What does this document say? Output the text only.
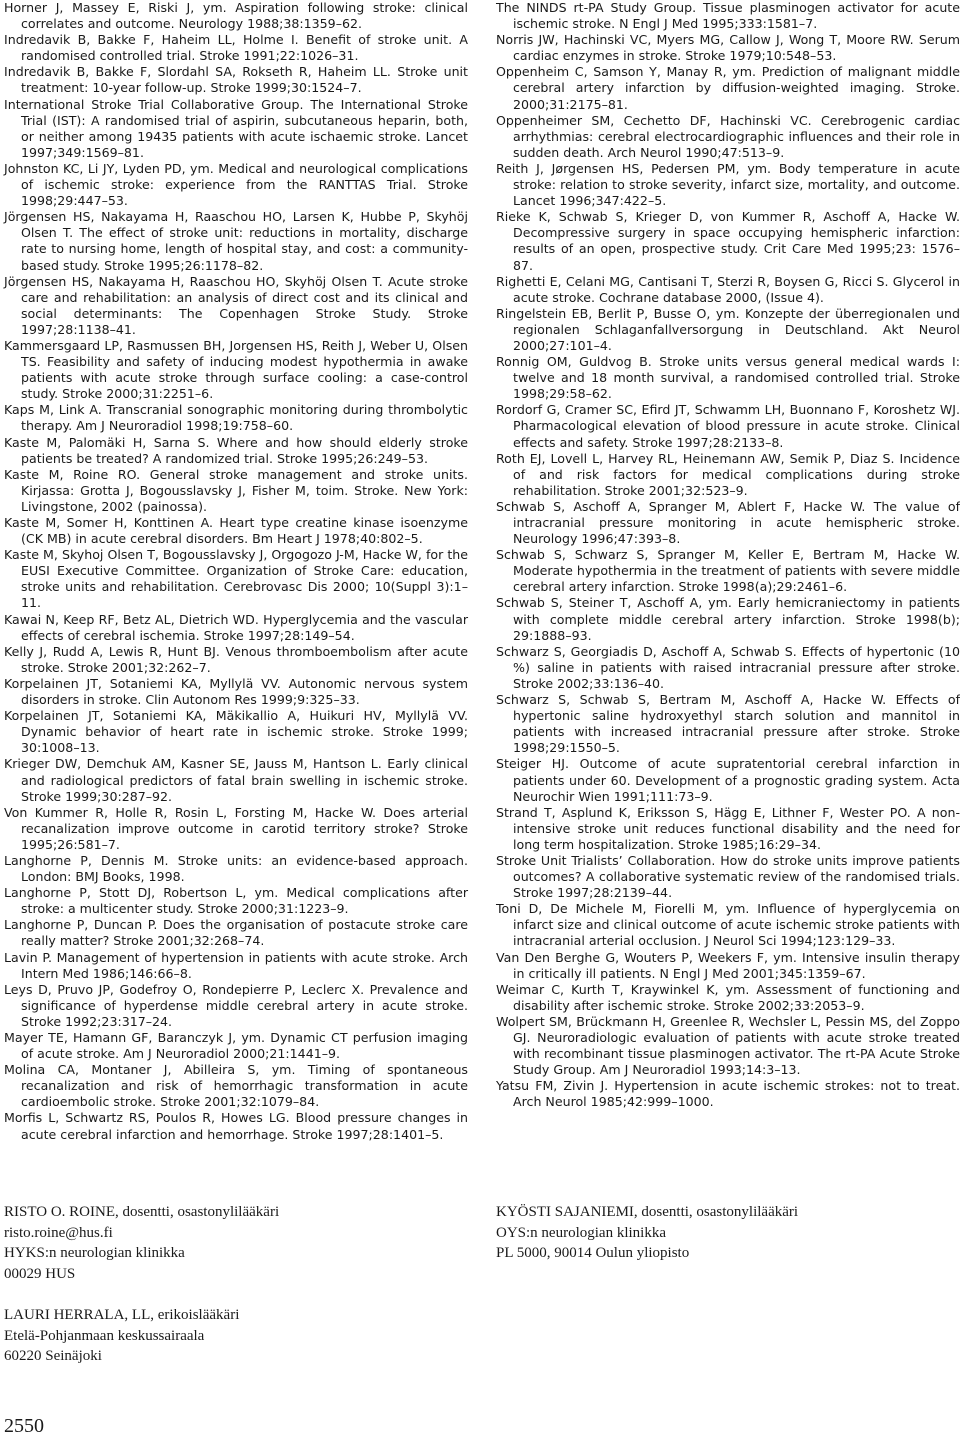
Horner J, Massey E, Riski J, ym. Aspiration following stroke: clinical correlates and outcome. Neurology 1988;38:1359–62.

Indredavik B, Bakke F, Haheim LL, Holme I. Benefit of stroke unit. A randomised controlled trial. Stroke 1991;22:1026–31.

Indredavik B, Bakke F, Slordahl SA, Rokseth R, Haheim LL. Stroke unit treatment: 10-year follow-up. Stroke 1999;30:1524–7.

International Stroke Trial Collaborative Group. The International Stroke Trial (IST): A randomised trial of aspirin, subcutaneous heparin, both, or neither among 19435 patients with acute ischaemic stroke. Lancet 1997;349:1569–81.

Johnston KC, Li JY, Lyden PD, ym. Medical and neurological complications of ischemic stroke: experience from the RANTTAS Trial. Stroke 1998;29:447–53.

Jörgensen HS, Nakayama H, Raaschou HO, Larsen K, Hubbe P, Skyhöj Olsen T. The effect of stroke unit: reductions in mortality, discharge rate to nursing home, length of hospital stay, and cost: a community-based study. Stroke 1995;26:1178–82.

Jörgensen HS, Nakayama H, Raaschou HO, Skyhöj Olsen T. Acute stroke care and rehabilitation: an analysis of direct cost and its clinical and social determinants: The Copenhagen Stroke Study. Stroke 1997;28:1138–41.

Kammersgaard LP, Rasmussen BH, Jorgensen HS, Reith J, Weber U, Olsen TS. Feasibility and safety of inducing modest hypothermia in awake patients with acute stroke through surface cooling: a case-control study. Stroke 2000;31:2251–6.

Kaps M, Link A. Transcranial sonographic monitoring during thrombolytic therapy. Am J Neuroradiol 1998;19:758–60.

Kaste M, Palomäki H, Sarna S. Where and how should elderly stroke patients be treated? A randomized trial. Stroke 1995;26:249–53.

Kaste M, Roine RO. General stroke management and stroke units. Kirjassa: Grotta J, Bogousslavsky J, Fisher M, toim. Stroke. New York: Livingstone, 2002 (painossa).

Kaste M, Somer H, Konttinen A. Heart type creatine kinase isoenzyme (CK MB) in acute cerebral disorders. Bm Heart J 1978;40:802–5.

Kaste M, Skyhoj Olsen T, Bogousslavsky J, Orgogozo J-M, Hacke W, for the EUSI Executive Committee. Organization of Stroke Care: education, stroke units and rehabilitation. Cerebrovasc Dis 2000; 10(Suppl 3):1–11.

Kawai N, Keep RF, Betz AL, Dietrich WD. Hyperglycemia and the vascular effects of cerebral ischemia. Stroke 1997;28:149–54.

Kelly J, Rudd A, Lewis R, Hunt BJ. Venous thromboembolism after acute stroke. Stroke 2001;32:262–7.

Korpelainen JT, Sotaniemi KA, Myllylä VV. Autonomic nervous system disorders in stroke. Clin Autonom Res 1999;9:325–33.

Korpelainen JT, Sotaniemi KA, Mäkikallio A, Huikuri HV, Myllylä VV. Dynamic behavior of heart rate in ischemic stroke. Stroke 1999; 30:1008–13.

Krieger DW, Demchuk AM, Kasner SE, Jauss M, Hantson L. Early clinical and radiological predictors of fatal brain swelling in ischemic stroke. Stroke 1999;30:287–92.

Von Kummer R, Holle R, Rosin L, Forsting M, Hacke W. Does arterial recanalization improve outcome in carotid territory stroke? Stroke 1995;26:581–7.

Langhorne P, Dennis M. Stroke units: an evidence-based approach. London: BMJ Books, 1998.

Langhorne P, Stott DJ, Robertson L, ym. Medical complications after stroke: a multicenter study. Stroke 2000;31:1223–9.

Langhorne P, Duncan P. Does the organisation of postacute stroke care really matter? Stroke 2001;32:268–74.

Lavin P. Management of hypertension in patients with acute stroke. Arch Intern Med 1986;146:66–8.

Leys D, Pruvo JP, Godefroy O, Rondepierre P, Leclerc X. Prevalence and significance of hyperdense middle cerebral artery in acute stroke. Stroke 1992;23:317–24.

Mayer TE, Hamann GF, Baranczyk J, ym. Dynamic CT perfusion imaging of acute stroke. Am J Neuroradiol 2000;21:1441–9.

Molina CA, Montaner J, Abilleira S, ym. Timing of spontaneous recanalization and risk of hemorrhagic transformation in acute cardioembolic stroke. Stroke 2001;32:1079–84.

Morfis L, Schwartz RS, Poulos R, Howes LG. Blood pressure changes in acute cerebral infarction and hemorrhage. Stroke 1997;28:1401–5.

The NINDS rt-PA Study Group. Tissue plasminogen activator for acute ischemic stroke. N Engl J Med 1995;333:1581–7.

Norris JW, Hachinski VC, Myers MG, Callow J, Wong T, Moore RW. Serum cardiac enzymes in stroke. Stroke 1979;10:548–53.

Oppenheim C, Samson Y, Manay R, ym. Prediction of malignant middle cerebral artery infarction by diffusion-weighted imaging. Stroke. 2000;31:2175–81.

Oppenheimer SM, Cechetto DF, Hachinski VC. Cerebrogenic cardiac arrhythmias: cerebral electrocardiographic influences and their role in sudden death. Arch Neurol 1990;47:513–9.

Reith J, Jørgensen HS, Pedersen PM, ym. Body temperature in acute stroke: relation to stroke severity, infarct size, mortality, and outcome. Lancet 1996;347:422–5.

Rieke K, Schwab S, Krieger D, von Kummer R, Aschoff A, Hacke W. Decompressive surgery in space occupying hemispheric infarction: results of an open, prospective study. Crit Care Med 1995;23: 1576–87.

Righetti E, Celani MG, Cantisani T, Sterzi R, Boysen G, Ricci S. Glycerol in acute stroke. Cochrane database 2000, (Issue 4).

Ringelstein EB, Berlit P, Busse O, ym. Konzepte der überregionalen und regionalen Schlaganfallversorgung in Deutschland. Akt Neurol 2000;27:101–4.

Ronnig OM, Guldvog B. Stroke units versus general medical wards I: twelve and 18 month survival, a randomised controlled trial. Stroke 1998;29:58–62.

Rordorf G, Cramer SC, Efird JT, Schwamm LH, Buonnano F, Koroshetz WJ. Pharmacological elevation of blood pressure in acute stroke. Clinical effects and safety. Stroke 1997;28:2133–8.

Roth EJ, Lovell L, Harvey RL, Heinemann AW, Semik P, Diaz S. Incidence of and risk factors for medical complications during stroke rehabilitation. Stroke 2001;32:523–9.

Schwab S, Aschoff A, Spranger M, Ablert F, Hacke W. The value of intracranial pressure monitoring in acute hemispheric stroke. Neurology 1996;47:393–8.

Schwab S, Schwarz S, Spranger M, Keller E, Bertram M, Hacke W. Moderate hypothermia in the treatment of patients with severe middle cerebral artery infarction. Stroke 1998(a);29:2461–6.

Schwab S, Steiner T, Aschoff A, ym. Early hemicraniectomy in patients with complete middle cerebral artery infarction. Stroke 1998(b); 29:1888–93.

Schwarz S, Georgiadis D, Aschoff A, Schwab S. Effects of hypertonic (10 %) saline in patients with raised intracranial pressure after stroke. Stroke 2002;33:136–40.

Schwarz S, Schwab S, Bertram M, Aschoff A, Hacke W. Effects of hypertonic saline hydroxyethyl starch solution and mannitol in patients with increased intracranial pressure after stroke. Stroke 1998;29:1550–5.

Steiger HJ. Outcome of acute supratentorial cerebral infarction in patients under 60. Development of a prognostic grading system. Acta Neurochir Wien 1991;111:73–9.

Strand T, Asplund K, Eriksson S, Hägg E, Lithner F, Wester PO. A non-intensive stroke unit reduces functional disability and the need for long term hospitalization. Stroke 1985;16:29–34.

Stroke Unit Trialists’ Collaboration. How do stroke units improve patients outcomes? A collaborative systematic review of the randomised trials. Stroke 1997;28:2139–44.

Toni D, De Michele M, Fiorelli M, ym. Influence of hyperglycemia on infarct size and clinical outcome of acute ischemic stroke patients with intracranial arterial occlusion. J Neurol Sci 1994;123:129–33.

Van Den Berghe G, Wouters P, Weekers F, ym. Intensive insulin therapy in critically ill patients. N Engl J Med 2001;345:1359–67.

Weimar C, Kurth T, Kraywinkel K, ym. Assessment of functioning and disability after ischemic stroke. Stroke 2002;33:2053–9.

Wolpert SM, Brückmann H, Greenlee R, Wechsler L, Pessin MS, del Zoppo GJ. Neuroradiologic evaluation of patients with acute stroke treated with recombinant tissue plasminogen activator. The rt-PA Acute Stroke Study Group. Am J Neuroradiol 1993;14:3–13.

Yatsu FM, Zivin J. Hypertension in acute ischemic strokes: not to treat. Arch Neurol 1985;42:999–1000.

RISTO O. ROINE, dosentti, osastonylilääkäri
risto.roine@hus.fi
HYKS:n neurologian klinikka
00029 HUS
KYÖSTI SAJANIEMI, dosentti, osastonylilääkäri
OYS:n neurologian klinikka
PL 5000, 90014 Oulun yliopisto
LAURI HERRALA, LL, erikoislääkäri
Etelä-Pohjanmaan keskussairaala
60220 Seinäjoki
2550
